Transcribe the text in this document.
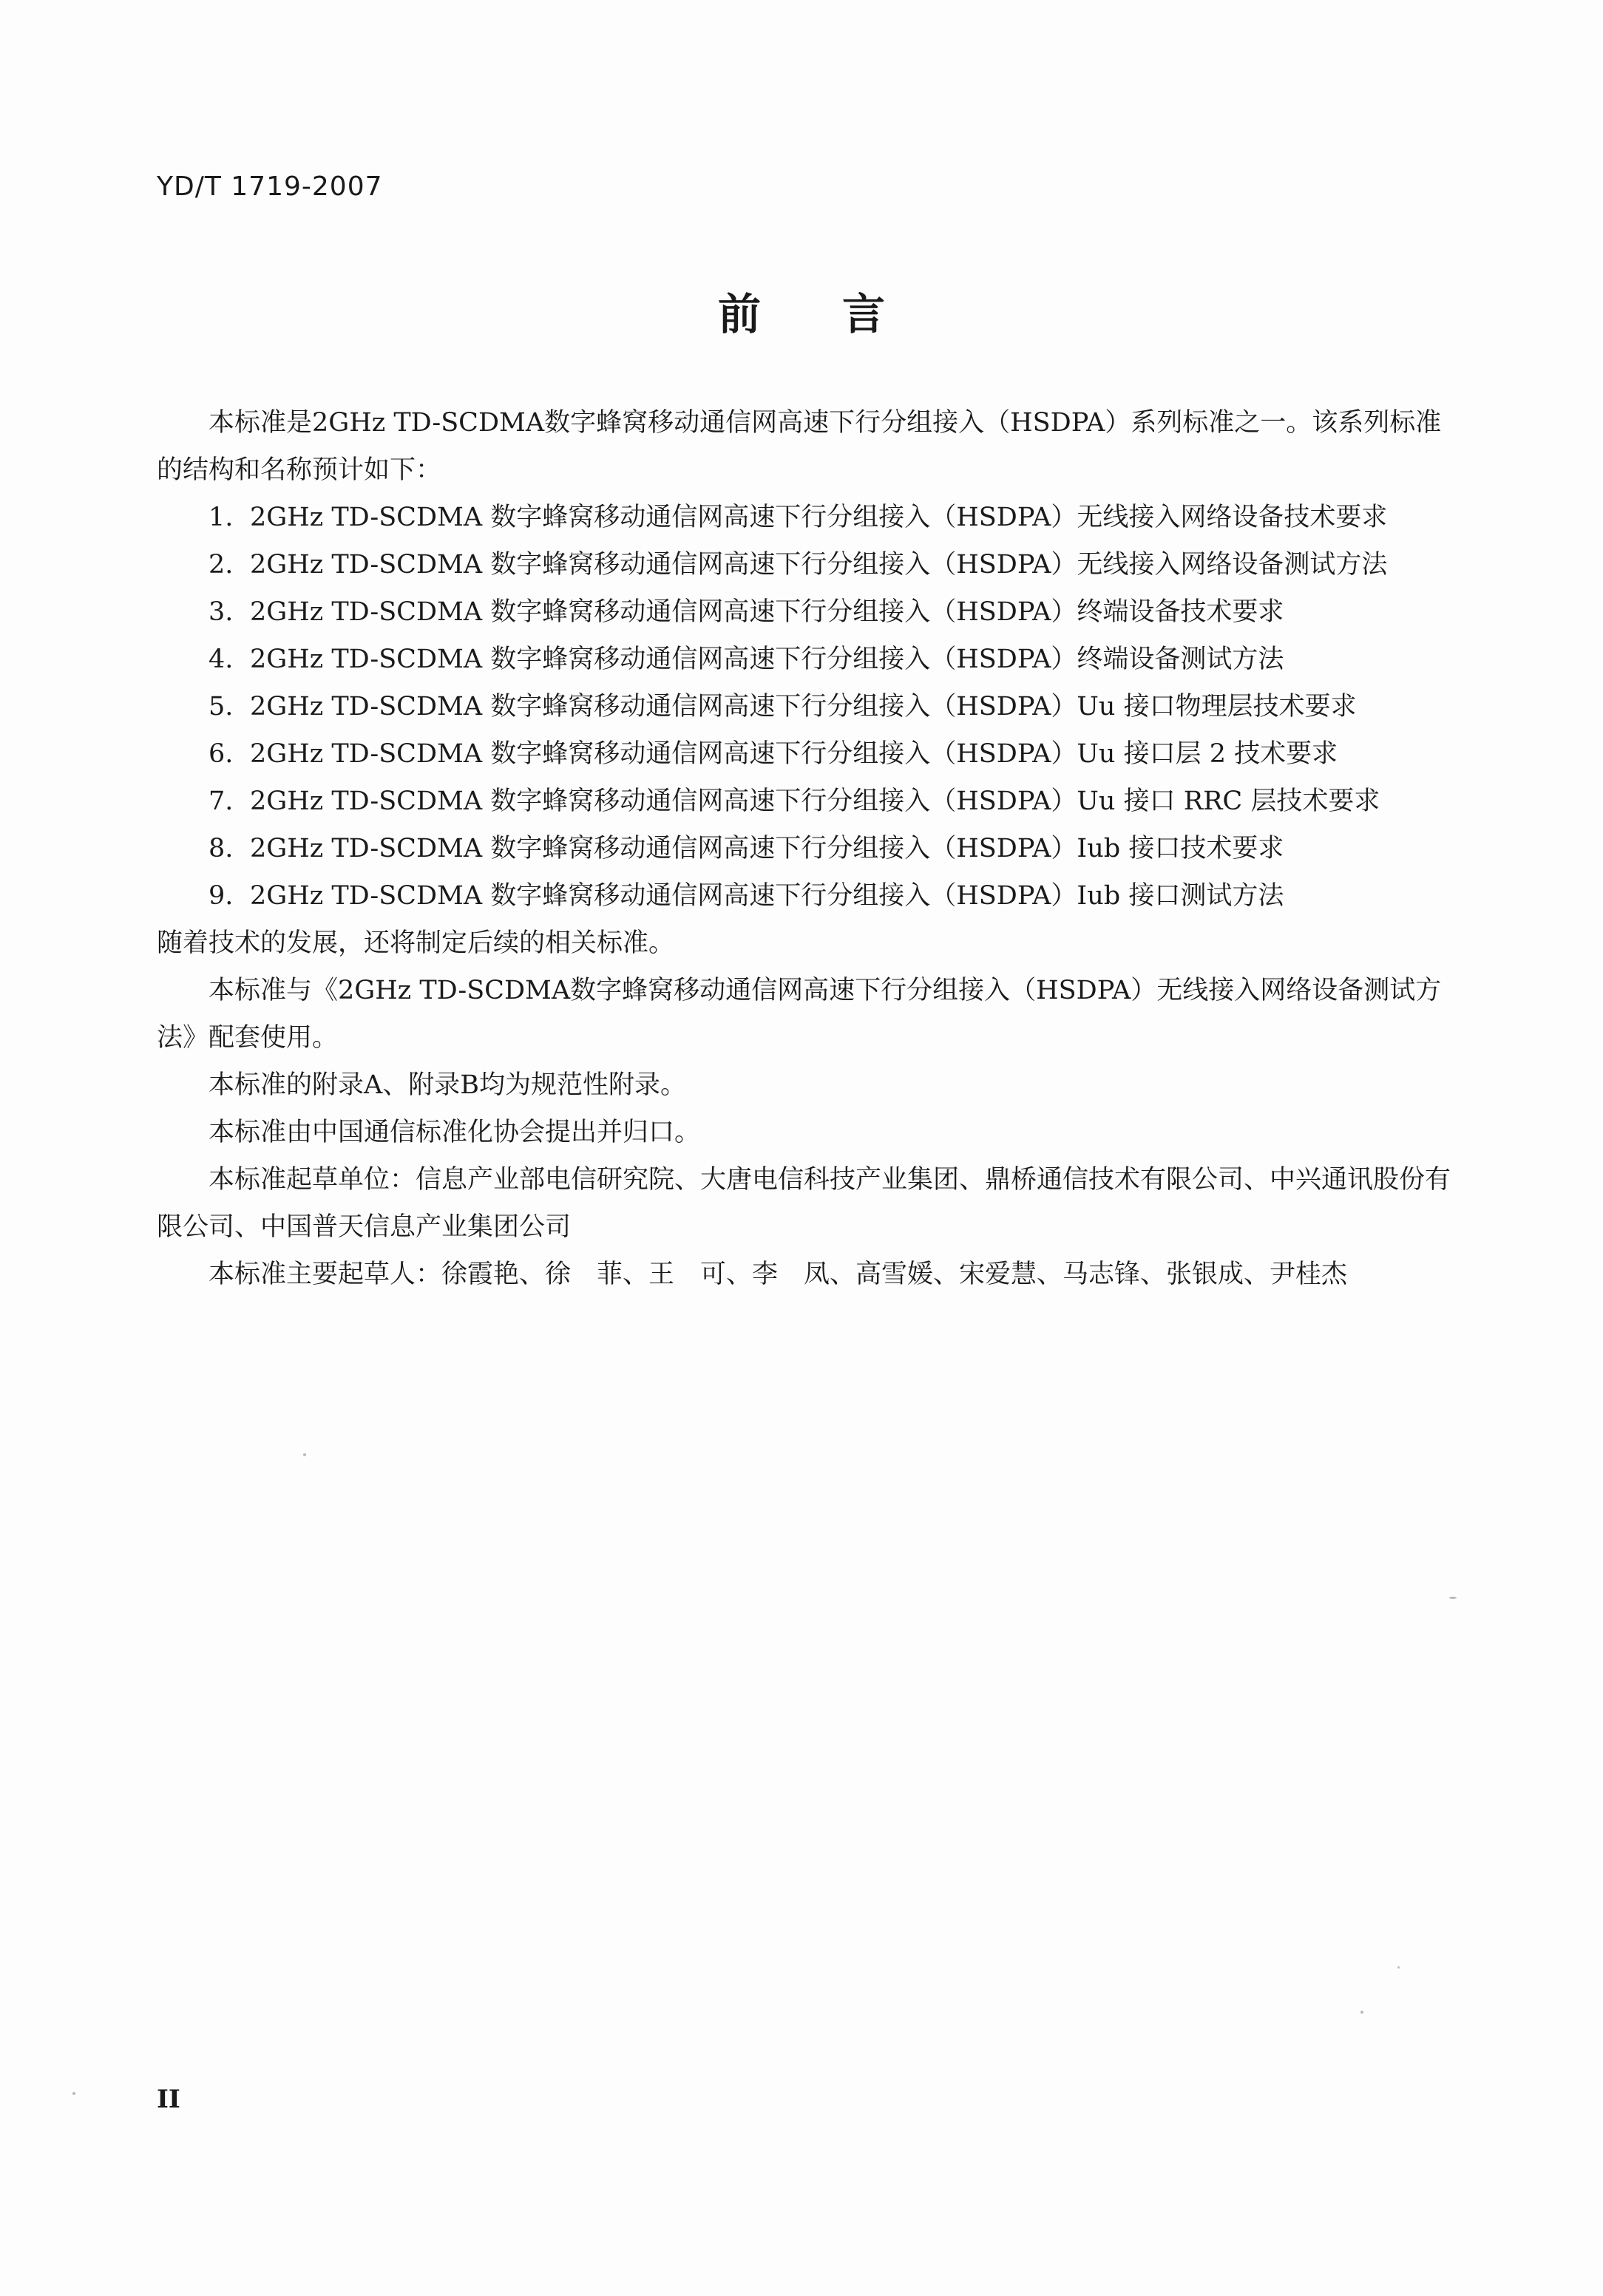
YD/T 1719-2007
前言

本标准是2GHz TD-SCDMA数字蜂窝移动通信网高速下行分组接入（HSDPA）系列标准之一。该系列标准的结构和名称预计如下：

1. 2GHz TD-SCDMA 数字蜂窝移动通信网高速下行分组接入（HSDPA）无线接入网络设备技术要求
2. 2GHz TD-SCDMA 数字蜂窝移动通信网高速下行分组接入（HSDPA）无线接入网络设备测试方法
3. 2GHz TD-SCDMA 数字蜂窝移动通信网高速下行分组接入（HSDPA）终端设备技术要求
4. 2GHz TD-SCDMA 数字蜂窝移动通信网高速下行分组接入（HSDPA）终端设备测试方法
5. 2GHz TD-SCDMA 数字蜂窝移动通信网高速下行分组接入（HSDPA）Uu 接口物理层技术要求
6. 2GHz TD-SCDMA 数字蜂窝移动通信网高速下行分组接入（HSDPA）Uu 接口层 2 技术要求
7. 2GHz TD-SCDMA 数字蜂窝移动通信网高速下行分组接入（HSDPA）Uu 接口 RRC 层技术要求
8. 2GHz TD-SCDMA 数字蜂窝移动通信网高速下行分组接入（HSDPA）Iub 接口技术要求
9. 2GHz TD-SCDMA 数字蜂窝移动通信网高速下行分组接入（HSDPA）Iub 接口测试方法

随着技术的发展，还将制定后续的相关标准。

本标准与《2GHz TD-SCDMA数字蜂窝移动通信网高速下行分组接入（HSDPA）无线接入网络设备测试方法》配套使用。

本标准的附录A、附录B均为规范性附录。

本标准由中国通信标准化协会提出并归口。

本标准起草单位：信息产业部电信研究院、大唐电信科技产业集团、鼎桥通信技术有限公司、中兴通讯股份有限公司、中国普天信息产业集团公司

本标准主要起草人：徐霞艳、徐　菲、王　可、李　凤、高雪媛、宋爱慧、马志锋、张银成、尹桂杰

II
